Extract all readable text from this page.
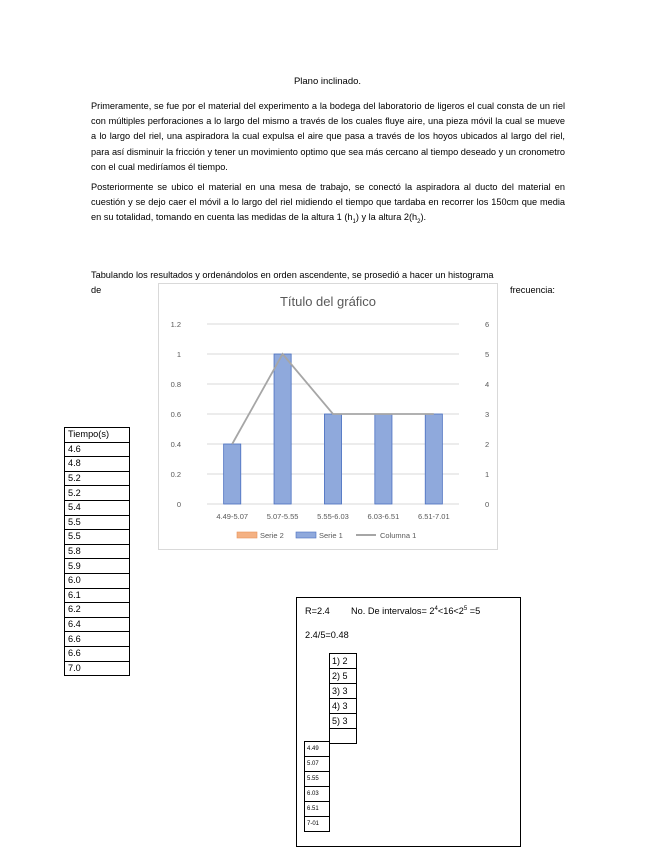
Plano inclinado.

Primeramente, se fue por el material del experimento a la bodega del laboratorio de ligeros el cual consta de un riel con múltiples perforaciones a lo largo del mismo a través de los cuales fluye aire, una pieza móvil la cual se mueve a lo largo del riel, una aspiradora la cual expulsa el aire que pasa a través de los hoyos ubicados al largo del riel, para así disminuir la fricción y tener un movimiento optimo que sea más cercano al tiempo deseado y un cronometro con el cual mediríamos él tiempo.

Posteriormente se ubico el material en una mesa de trabajo, se conectó la aspiradora al ducto del material en cuestión y se dejo caer el móvil a lo largo del riel midiendo el tiempo que tardaba en recorrer los 150cm que media en su totalidad, tomando en cuenta las medidas de la altura 1 $(h_1)$ y la altura $2(h_2)$.

Tabulando los resultados y ordenándolos en orden ascendente, se prosedió a hacer un histograma

de	frecuencia:

Título del gráfico
0
0.2
0.4
0.6
0.8
1
1.2
0
1
2
3
4
5
6
4.49-5.07 5.07-5.55 5.55-6.03 6.03-6.51 6.51-7.01
Serie 2	Serie 1	Columna 1
Tiempo(s)
4.6
4.8
5.2
5.2
5.4
5.5
5.5
5.8
5.9
6.0
6.1
6.2
6.4
6.6
6.6
7.0
R=2.4 No. De intervalos= $2^4<16<2^5 =5$
2.4/5=0.48
1) 2
2) 5
3) 3
4) 3
5) 3

4.49
5.07
5.55
6.03
6.51
7-01
